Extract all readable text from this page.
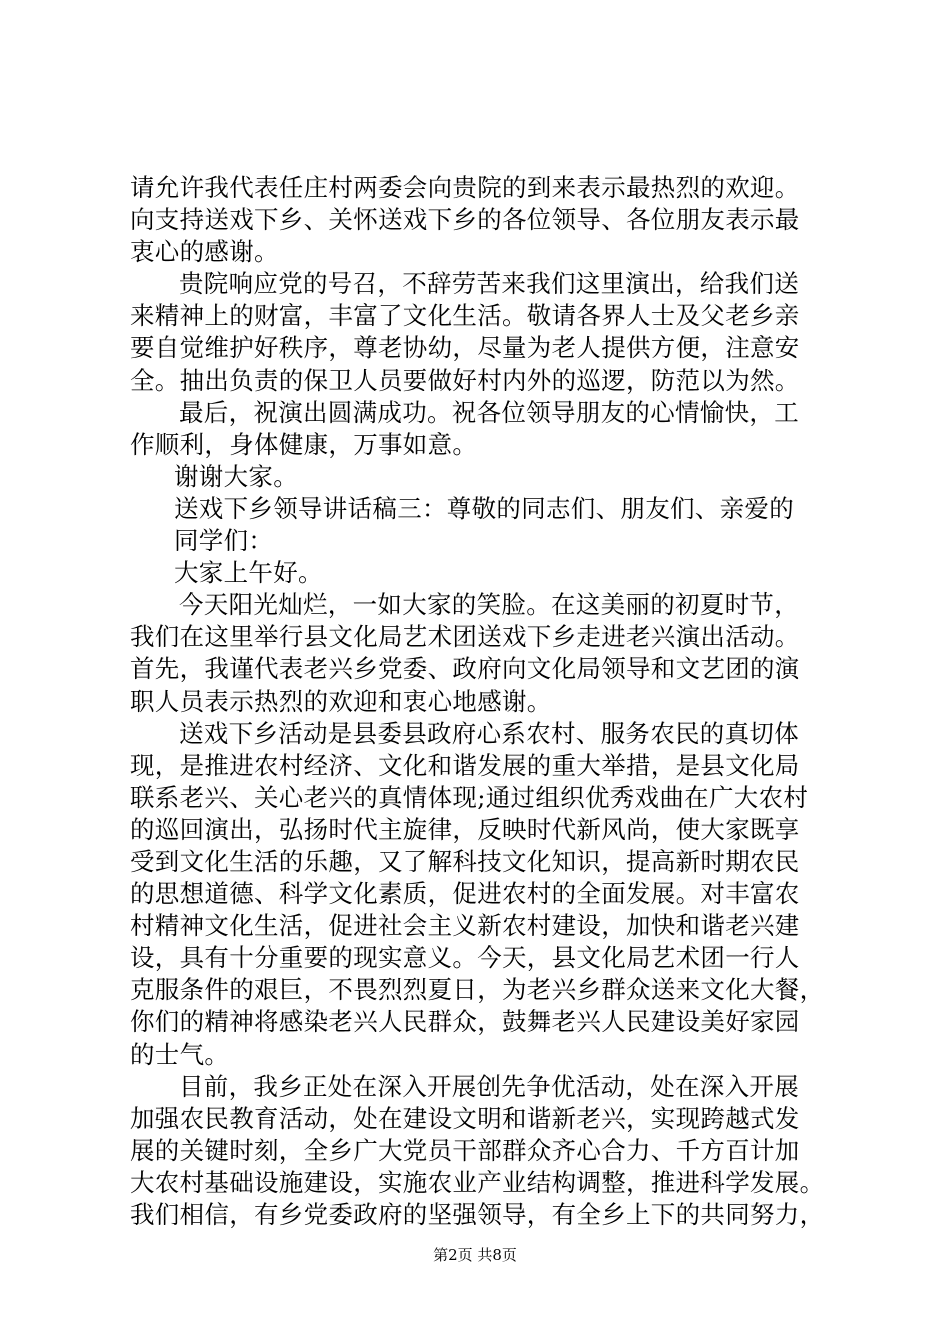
请允许我代表任庄村两委会向贵院的到来表示最热烈的欢迎。
向支持送戏下乡、关怀送戏下乡的各位领导、各位朋友表示最
衷心的感谢。
贵院响应党的号召，不辞劳苦来我们这里演出，给我们送
来精神上的财富，丰富了文化生活。敬请各界人士及父老乡亲
要自觉维护好秩序，尊老协幼，尽量为老人提供方便，注意安
全。抽出负责的保卫人员要做好村内外的巡逻，防范以为然。
最后，祝演出圆满成功。祝各位领导朋友的心情愉快，工
作顺利，身体健康，万事如意。
谢谢大家。
送戏下乡领导讲话稿三：尊敬的同志们、朋友们、亲爱的
同学们：
大家上午好。
今天阳光灿烂，一如大家的笑脸。在这美丽的初夏时节，
我们在这里举行县文化局艺术团送戏下乡走进老兴演出活动。
首先，我谨代表老兴乡党委、政府向文化局领导和文艺团的演
职人员表示热烈的欢迎和衷心地感谢。
送戏下乡活动是县委县政府心系农村、服务农民的真切体
现，是推进农村经济、文化和谐发展的重大举措，是县文化局
联系老兴、关心老兴的真情体现;通过组织优秀戏曲在广大农村
的巡回演出，弘扬时代主旋律，反映时代新风尚，使大家既享
受到文化生活的乐趣，又了解科技文化知识，提高新时期农民
的思想道德、科学文化素质，促进农村的全面发展。对丰富农
村精神文化生活，促进社会主义新农村建设，加快和谐老兴建
设，具有十分重要的现实意义。今天，县文化局艺术团一行人
克服条件的艰巨，不畏烈烈夏日，为老兴乡群众送来文化大餐，
你们的精神将感染老兴人民群众，鼓舞老兴人民建设美好家园
的士气。
目前，我乡正处在深入开展创先争优活动，处在深入开展
加强农民教育活动，处在建设文明和谐新老兴，实现跨越式发
展的关键时刻，全乡广大党员干部群众齐心合力、千方百计加
大农村基础设施建设，实施农业产业结构调整，推进科学发展。
我们相信，有乡党委政府的坚强领导，有全乡上下的共同努力，
第2页 共8页
